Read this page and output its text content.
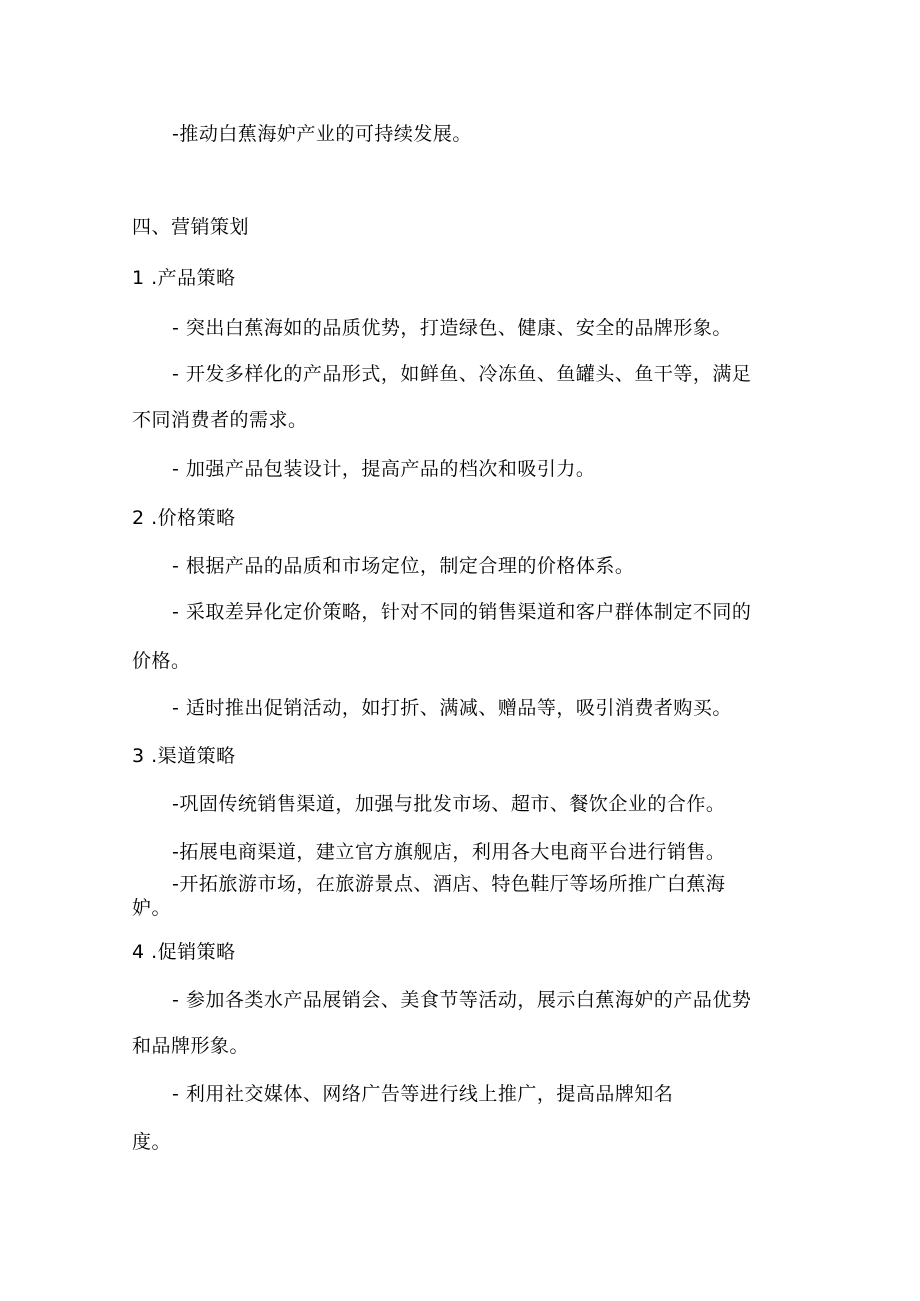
-推动白蕉海妒产业的可持续发展。
四、营销策划
1 .产品策略
- 突出白蕉海如的品质优势，打造绿色、健康、安全的品牌形象。
- 开发多样化的产品形式，如鲜鱼、冷冻鱼、鱼罐头、鱼干等，满足
不同消费者的需求。
- 加强产品包装设计，提高产品的档次和吸引力。
2 .价格策略
- 根据产品的品质和市场定位，制定合理的价格体系。
- 采取差异化定价策略，针对不同的销售渠道和客户群体制定不同的
价格。
- 适时推出促销活动，如打折、满减、赠品等，吸引消费者购买。
3 .渠道策略
-巩固传统销售渠道，加强与批发市场、超市、餐饮企业的合作。
-拓展电商渠道，建立官方旗舰店，利用各大电商平台进行销售。
-开拓旅游市场，在旅游景点、酒店、特色鞋厅等场所推广白蕉海
妒。
4 .促销策略
- 参加各类水产品展销会、美食节等活动，展示白蕉海妒的产品优势
和品牌形象。
- 利用社交媒体、网络广告等进行线上推广，提高品牌知名
度。
